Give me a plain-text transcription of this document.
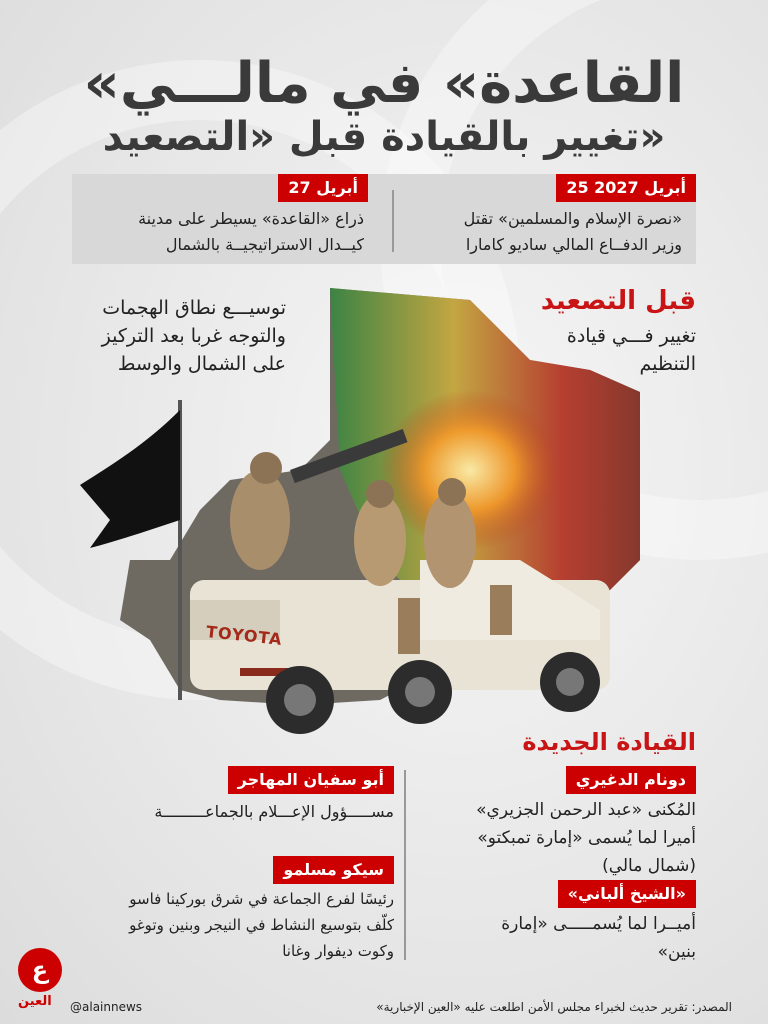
«القاعدة» في مالـــي
تغيير بالقيادة قبل «التصعيد»
25 أبريل 2027
«نصرة الإسلام والمسلمين» تقتل
وزير الدفــاع المالي ساديو كامارا
27 أبريل
ذراع «القاعدة» يسيطر على مدينة
كيــدال الاستراتيجيــة بالشمال
TOYOTA
قبل التصعيد
تغيير فـــي قيادة
التنظيم
توسيـــع نطاق الهجمات
والتوجه غربا بعد التركيز
على الشمال والوسط
القيادة الجديدة
دونام الدغيري
المُكنى «عبد الرحمن الجزيري»
أميرا لما يُسمى «إمارة تمبكتو»
(شمال مالي)
«الشيخ ألباني»
أميــرا لما يُسمـــــى «إمارة
بنين»
أبو سفيان المهاجر
مســـــؤول الإعـــلام بالجماعـــــــــة
سيكو مسلمو
رئيسًا لفرع الجماعة في شرق بوركينا فاسو
كلّف بتوسيع النشاط في النيجر وبنين وتوغو
وكوت ديفوار وغانا
ع
العين @alainnews	المصدر: تقرير حديث لخبراء مجلس الأمن اطلعت عليه «العين الإخبارية»
